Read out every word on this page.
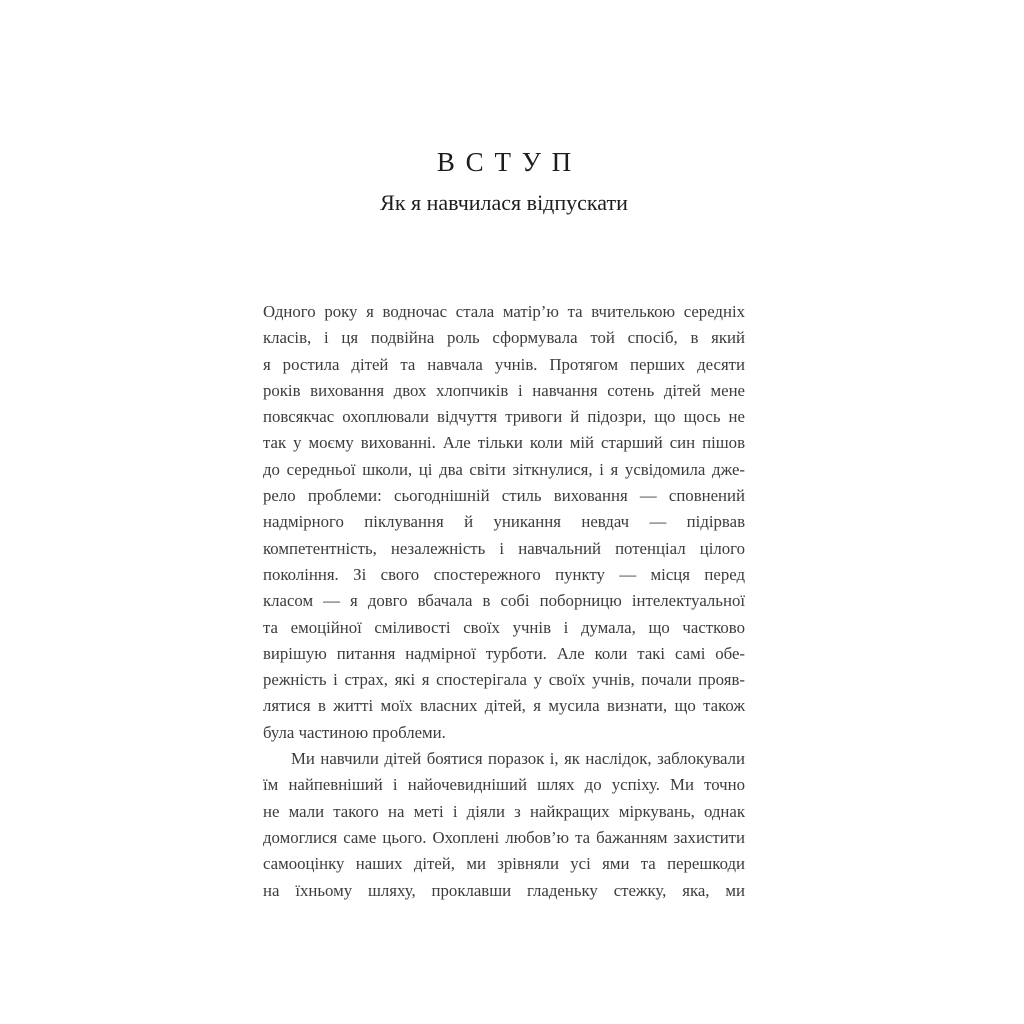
ВСТУП
Як я навчилася відпускати
Одного року я водночас стала матір’ю та вчителькою середніх
класів, і ця подвійна роль сформувала той спосіб, в який
я ростила дітей та навчала учнів. Протягом перших десяти
років виховання двох хлопчиків і навчання сотень дітей мене
повсякчас охоплювали відчуття тривоги й підозри, що щось не
так у моєму вихованні. Але тільки коли мій старший син пішов
до середньої школи, ці два світи зіткнулися, і я усвідомила дже-
рело проблеми: сьогоднішній стиль виховання — сповнений
надмірного піклування й уникання невдач — підірвав
компетентність, незалежність і навчальний потенціал цілого
покоління. Зі свого спостережного пункту — місця перед
класом — я довго вбачала в собі поборницю інтелектуальної
та емоційної сміливості своїх учнів і думала, що частково
вирішую питання надмірної турботи. Але коли такі самі обе-
режність і страх, які я спостерігала у своїх учнів, почали прояв-
лятися в житті моїх власних дітей, я мусила визнати, що також
була частиною проблеми.
Ми навчили дітей боятися поразок і, як наслідок, заблокували
їм найпевніший і найочевидніший шлях до успіху. Ми точно
не мали такого на меті і діяли з найкращих міркувань, однак
домоглися саме цього. Охоплені любов’ю та бажанням захистити
самооцінку наших дітей, ми зрівняли усі ями та перешкоди
на їхньому шляху, проклавши гладеньку стежку, яка, ми
